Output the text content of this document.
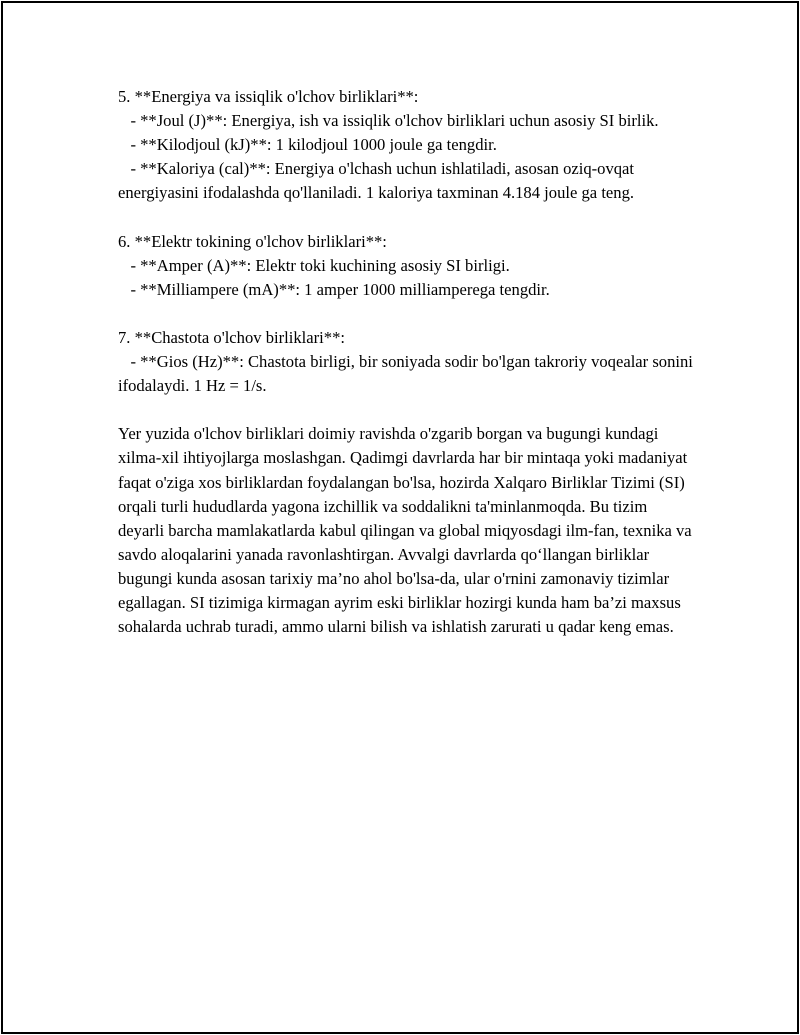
5. **Energiya va issiqlik o'lchov birliklari**:

- **Joul (J)**: Energiya, ish va issiqlik o'lchov birliklari uchun asosiy SI birlik.

- **Kilodjoul (kJ)**: 1 kilodjoul 1000 joule ga tengdir.

- **Kaloriya (cal)**: Energiya o'lchash uchun ishlatiladi, asosan oziq-ovqat energiyasini ifodalashda qo'llaniladi. 1 kaloriya taxminan 4.184 joule ga teng.

6. **Elektr tokining o'lchov birliklari**:

- **Amper (A)**: Elektr toki kuchining asosiy SI birligi.

- **Milliampere (mA)**: 1 amper 1000 milliamperega tengdir.

7. **Chastota o'lchov birliklari**:

- **Gios (Hz)**: Chastota birligi, bir soniyada sodir bo'lgan takroriy voqealar sonini ifodalaydi. 1 Hz = 1/s.

Yer yuzida o'lchov birliklari doimiy ravishda o'zgarib borgan va bugungi kundagi xilma-xil ihtiyojlarga moslashgan. Qadimgi davrlarda har bir mintaqa yoki madaniyat faqat o'ziga xos birliklardan foydalangan bo'lsa, hozirda Xalqaro Birliklar Tizimi (SI) orqali turli hududlarda yagona izchillik va soddalikni ta'minlanmoqda. Bu tizim deyarli barcha mamlakatlarda kabul qilingan va global miqyosdagi ilm-fan, texnika va savdo aloqalarini yanada ravonlashtirgan. Avvalgi davrlarda qo‘llangan birliklar bugungi kunda asosan tarixiy ma’no ahol bo'lsa-da, ular o'rnini zamonaviy tizimlar egallagan. SI tizimiga kirmagan ayrim eski birliklar hozirgi kunda ham ba’zi maxsus sohalarda uchrab turadi, ammo ularni bilish va ishlatish zarurati u qadar keng emas.
